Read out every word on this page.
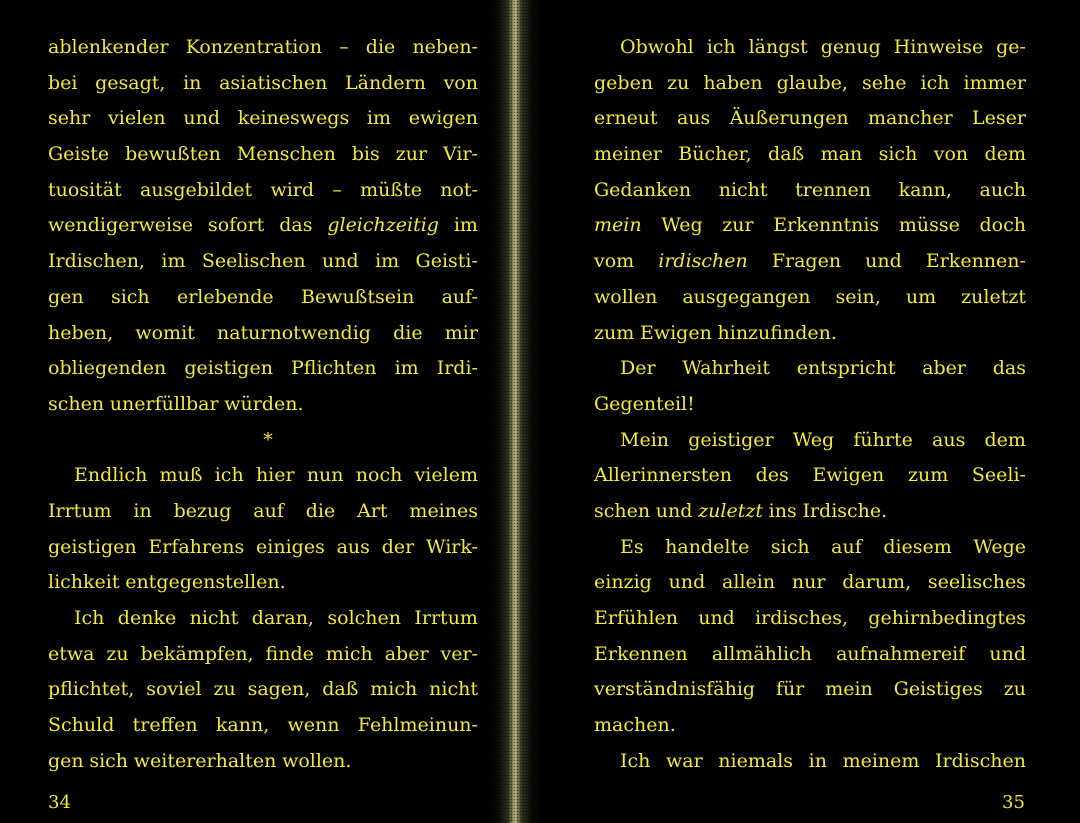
ablenkender Konzentration – die neben-
bei gesagt, in asiatischen Ländern von
sehr vielen und keineswegs im ewigen
Geiste bewußten Menschen bis zur Vir-
tuosität ausgebildet wird – müßte not-
wendigerweise sofort das gleichzeitig im
Irdischen, im Seelischen und im Geisti-
gen sich erlebende Bewußtsein auf-
heben, womit naturnotwendig die mir
obliegenden geistigen Pflichten im Irdi-
schen unerfüllbar würden.
*
Endlich muß ich hier nun noch vielem
Irrtum in bezug auf die Art meines
geistigen Erfahrens einiges aus der Wirk-
lichkeit entgegenstellen.
Ich denke nicht daran, solchen Irrtum
etwa zu bekämpfen, finde mich aber ver-
pflichtet, soviel zu sagen, daß mich nicht
Schuld treffen kann, wenn Fehlmeinun-
gen sich weitererhalten wollen.
Obwohl ich längst genug Hinweise ge-
geben zu haben glaube, sehe ich immer
erneut aus Äußerungen mancher Leser
meiner Bücher, daß man sich von dem
Gedanken nicht trennen kann, auch
mein Weg zur Erkenntnis müsse doch
vom irdischen Fragen und Erkennen-
wollen ausgegangen sein, um zuletzt
zum Ewigen hinzufinden.
Der Wahrheit entspricht aber das
Gegenteil!
Mein geistiger Weg führte aus dem
Allerinnersten des Ewigen zum Seeli-
schen und zuletzt ins Irdische.
Es handelte sich auf diesem Wege
einzig und allein nur darum, seelisches
Erfühlen und irdisches, gehirnbedingtes
Erkennen allmählich aufnahmereif und
verständnisfähig für mein Geistiges zu
machen.
Ich war niemals in meinem Irdischen
34	35
